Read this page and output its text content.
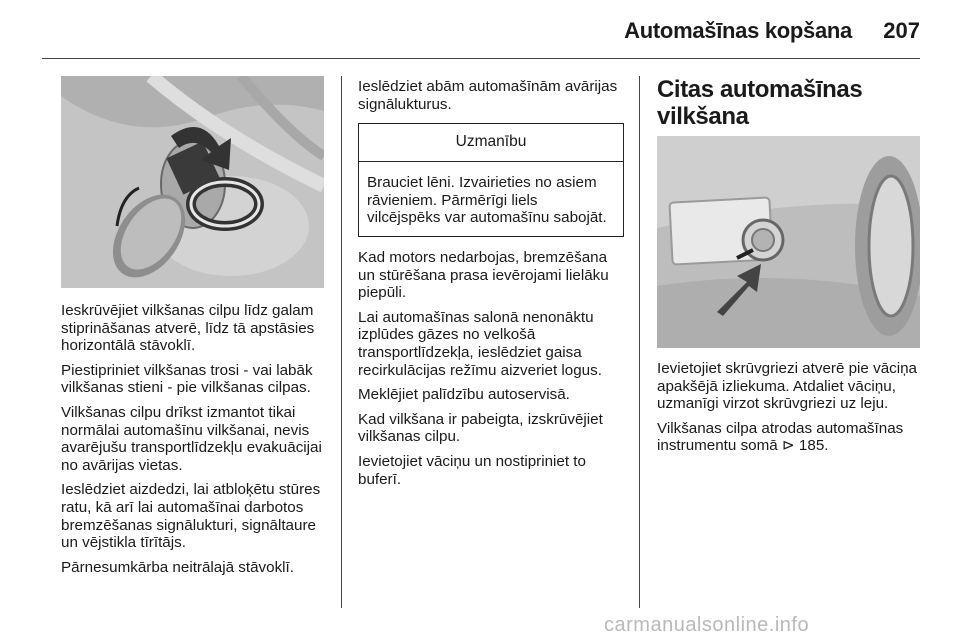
Automašīnas kopšana 207

Ieskrūvējiet vilkšanas cilpu līdz galam stiprināšanas atverē, līdz tā apstāsies horizontālā stāvoklī.

Piestipriniet vilkšanas trosi - vai labāk vilkšanas stieni - pie vilkšanas cilpas.

Vilkšanas cilpu drīkst izmantot tikai normālai automašīnu vilkšanai, nevis avarējušu transportlīdzekļu evakuācijai no avārijas vietas.

Ieslēdziet aizdedzi, lai atbloķētu stūres ratu, kā arī lai automašīnai darbotos bremzēšanas signālukturi, signāltaure un vējstikla tīrītājs.

Pārnesumkārba neitrālajā stāvoklī.

Ieslēdziet abām automašīnām avārijas signālukturus.

Uzmanību
Brauciet lēni. Izvairieties no asiem rāvieniem. Pārmērīgi liels vilcējspēks var automašīnu sabojāt.

Kad motors nedarbojas, bremzēšana un stūrēšana prasa ievērojami lielāku piepūli.

Lai automašīnas salonā nenonāktu izplūdes gāzes no velkošā transportlīdzekļa, ieslēdziet gaisa recirkulācijas režīmu aizveriet logus.

Meklējiet palīdzību autoservisā.

Kad vilkšana ir pabeigta, izskrūvējiet vilkšanas cilpu.

Ievietojiet vāciņu un nostipriniet to buferī.

Citas automašīnas vilkšana

Ievietojiet skrūvgriezi atverē pie vāciņa apakšējā izliekuma. Atdaliet vāciņu, uzmanīgi virzot skrūvgriezi uz leju.

Vilkšanas cilpa atrodas automašīnas instrumentu somā ⊳ 185.

carmanualsonline.info
